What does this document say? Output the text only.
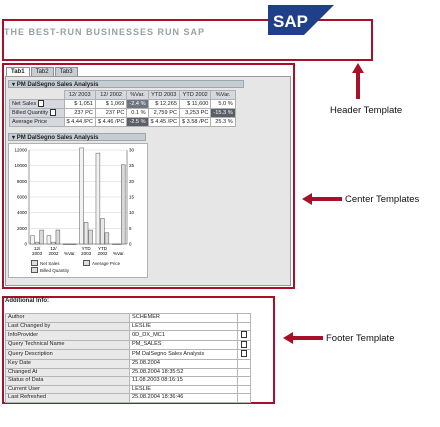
THE BEST-RUN BUSINESSES RUN SAP
SAP
Header Template
Center Templates
Footer Template
Tab1	Tab2	Tab3
▾ PM DalSegno Sales Analysis
	12/ 2003	12/ 2002	%Var.	YTD 2003	YTD 2002	%Var.
Net Sales	$ 1,051	$ 1,069	-2.4 %	$ 12,265	$ 11,600	5.0 %
Billed Quantity	237 PC	237 PC	0.1 %	2,759 PC	3,253 PC	-15.3 %
Average Price	$ 4.44 /PC	$ 4.46 /PC	-2.5 %	$ 4.45 /PC	$ 3.58 /PC	25.3 %
▾ PM DalSegno Sales Analysis
0
2000
4000
6000
8000
10000
12000
0
5
10
15
20
25
30
12/
2003
12/
2002 %Var.
YTD
2003
YTD
2002 %Var.
Net Sales	Average Price
Billed Quantity
Additional Info:
Author	SCHEMER	
Last Changed by	LESLIE	
InfoProvider	0D_DX_MC1	
Query Technical Name	PM_SALES	
Query Description	PM DalSegno Sales Analysis	
Key Date	25.08.2004	
Changed At	25.08.2004 18:35:52	
Status of Data	11.08.2003 08:16:15	
Current User	LESLIE	
Last Refreshed	25.08.2004 18:36:46	
